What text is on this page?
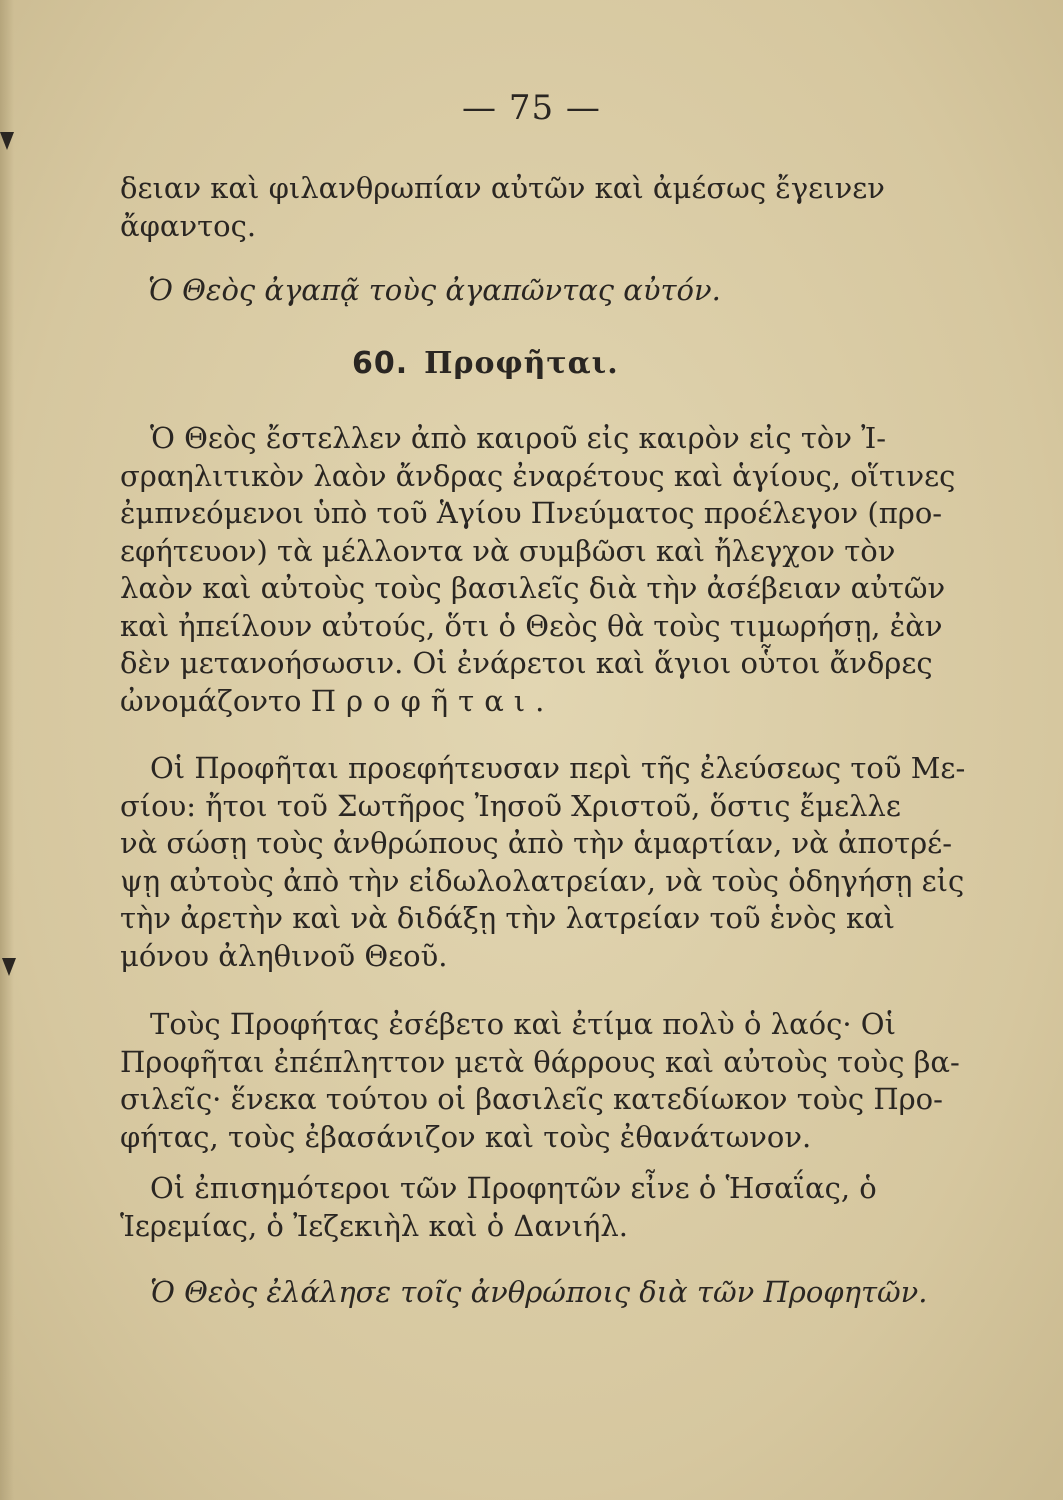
— 75 —
δειαν καὶ φιλανθρωπίαν αὐτῶν καὶ ἀμέσως ἔγεινεν
ἄφαντος.
Ὁ Θεὸς ἀγαπᾷ τοὺς ἀγαπῶντας αὐτόν.
60. Προφῆται.
Ὁ Θεὸς ἔστελλεν ἀπὸ καιροῦ εἰς καιρὸν εἰς τὸν Ἰ-
σραηλιτικὸν λαὸν ἄνδρας ἐναρέτους καὶ ἁγίους, οἵτινες
ἐμπνεόμενοι ὑπὸ τοῦ Ἁγίου Πνεύματος προέλεγον (προ-
εφήτευον) τὰ μέλλοντα νὰ συμβῶσι καὶ ἤλεγχον τὸν
λαὸν καὶ αὐτοὺς τοὺς βασιλεῖς διὰ τὴν ἀσέβειαν αὐτῶν
καὶ ἠπείλουν αὐτούς, ὅτι ὁ Θεὸς θὰ τοὺς τιμωρήσῃ, ἐὰν
δὲν μετανοήσωσιν. Οἱ ἐνάρετοι καὶ ἅγιοι οὗτοι ἄνδρες
ὠνομάζοντο Προφῆται.
Οἱ Προφῆται προεφήτευσαν περὶ τῆς ἐλεύσεως τοῦ Με-
σίου: ἤτοι τοῦ Σωτῆρος Ἰησοῦ Χριστοῦ, ὅστις ἔμελλε
νὰ σώσῃ τοὺς ἀνθρώπους ἀπὸ τὴν ἁμαρτίαν, νὰ ἀποτρέ-
ψῃ αὐτοὺς ἀπὸ τὴν εἰδωλολατρείαν, νὰ τοὺς ὁδηγήσῃ εἰς
τὴν ἀρετὴν καὶ νὰ διδάξῃ τὴν λατρείαν τοῦ ἑνὸς καὶ
μόνου ἀληθινοῦ Θεοῦ.
Τοὺς Προφήτας ἐσέβετο καὶ ἐτίμα πολὺ ὁ λαός· Οἱ
Προφῆται ἐπέπληττον μετὰ θάρρους καὶ αὐτοὺς τοὺς βα-
σιλεῖς· ἕνεκα τούτου οἱ βασιλεῖς κατεδίωκον τοὺς Προ-
φήτας, τοὺς ἐβασάνιζον καὶ τοὺς ἐθανάτωνον.
Οἱ ἐπισημότεροι τῶν Προφητῶν εἶνε ὁ Ἡσαΐας, ὁ
Ἱερεμίας, ὁ Ἰεζεκιὴλ καὶ ὁ Δανιήλ.
Ὁ Θεὸς ἐλάλησε τοῖς ἀνθρώποις διὰ τῶν Προφητῶν.
